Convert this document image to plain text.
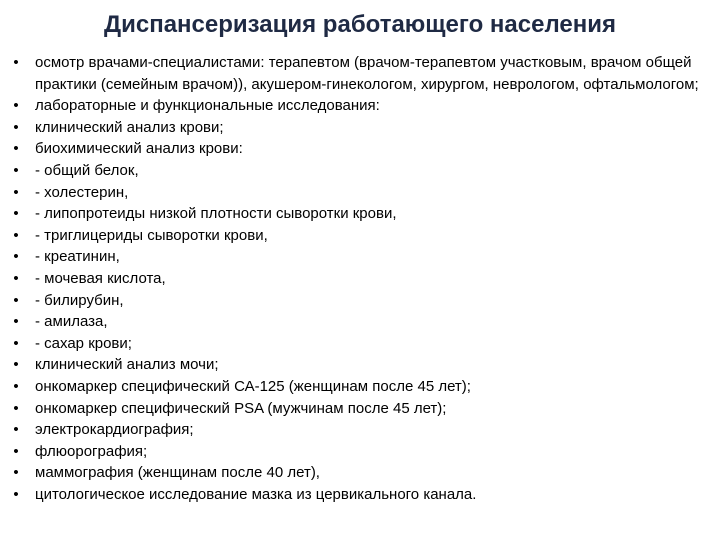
Диспансеризация работающего населения
• осмотр врачами-специалистами: терапевтом (врачом-терапевтом участковым, врачом общей практики (семейным врачом)), акушером-гинекологом, хирургом, неврологом, офтальмологом;
• лабораторные и функциональные исследования:
• клинический анализ крови;
• биохимический анализ крови:
• - общий белок,
• - холестерин,
• - липопротеиды низкой плотности сыворотки крови,
• - триглицериды сыворотки крови,
• - креатинин,
• - мочевая кислота,
• - билирубин,
• - амилаза,
• - сахар крови;
• клинический анализ мочи;
• онкомаркер специфический СА-125 (женщинам после 45 лет);
• онкомаркер специфический PSA (мужчинам после 45 лет);
• электрокардиография;
• флюорография;
• маммография (женщинам после 40 лет),
• цитологическое исследование мазка из цервикального канала.
